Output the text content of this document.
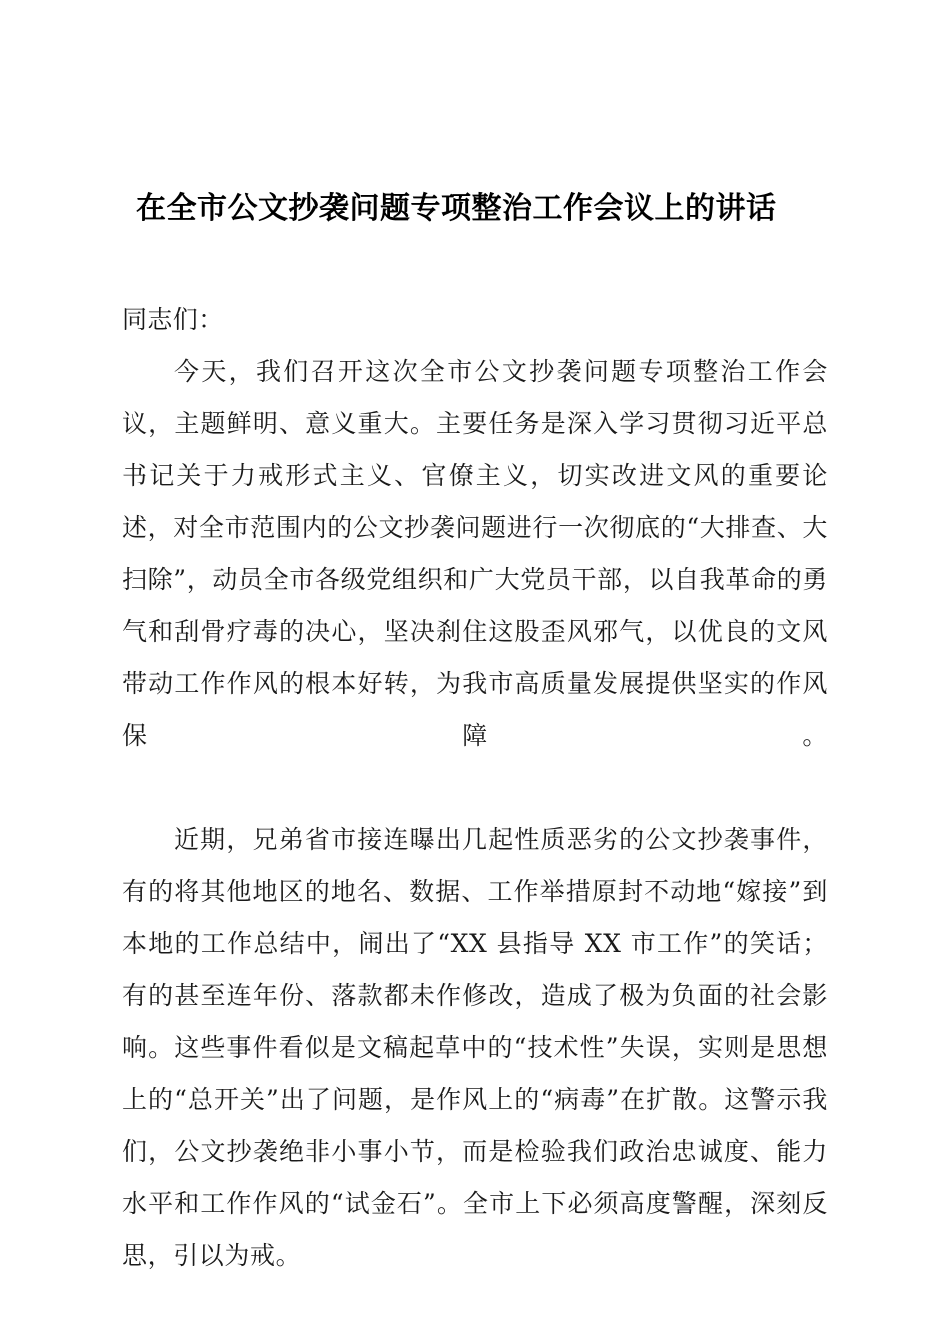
在全市公文抄袭问题专项整治工作会议上的讲话

同志们：

今天，我们召开这次全市公文抄袭问题专项整治工作会议，主题鲜明、意义重大。主要任务是深入学习贯彻习近平总书记关于力戒形式主义、官僚主义，切实改进文风的重要论述，对全市范围内的公文抄袭问题进行一次彻底的“大排查、大扫除”，动员全市各级党组织和广大党员干部，以自我革命的勇气和刮骨疗毒的决心，坚决刹住这股歪风邪气，以优良的文风带动工作作风的根本好转，为我市高质量发展提供坚实的作风保障。

近期，兄弟省市接连曝出几起性质恶劣的公文抄袭事件，有的将其他地区的地名、数据、工作举措原封不动地“嫁接”到本地的工作总结中，闹出了“XX 县指导 XX 市工作”的笑话；有的甚至连年份、落款都未作修改，造成了极为负面的社会影响。这些事件看似是文稿起草中的“技术性”失误，实则是思想上的“总开关”出了问题，是作风上的“病毒”在扩散。这警示我们，公文抄袭绝非小事小节，而是检验我们政治忠诚度、能力水平和工作作风的“试金石”。全市上下必须高度警醒，深刻反思，引以为戒。
